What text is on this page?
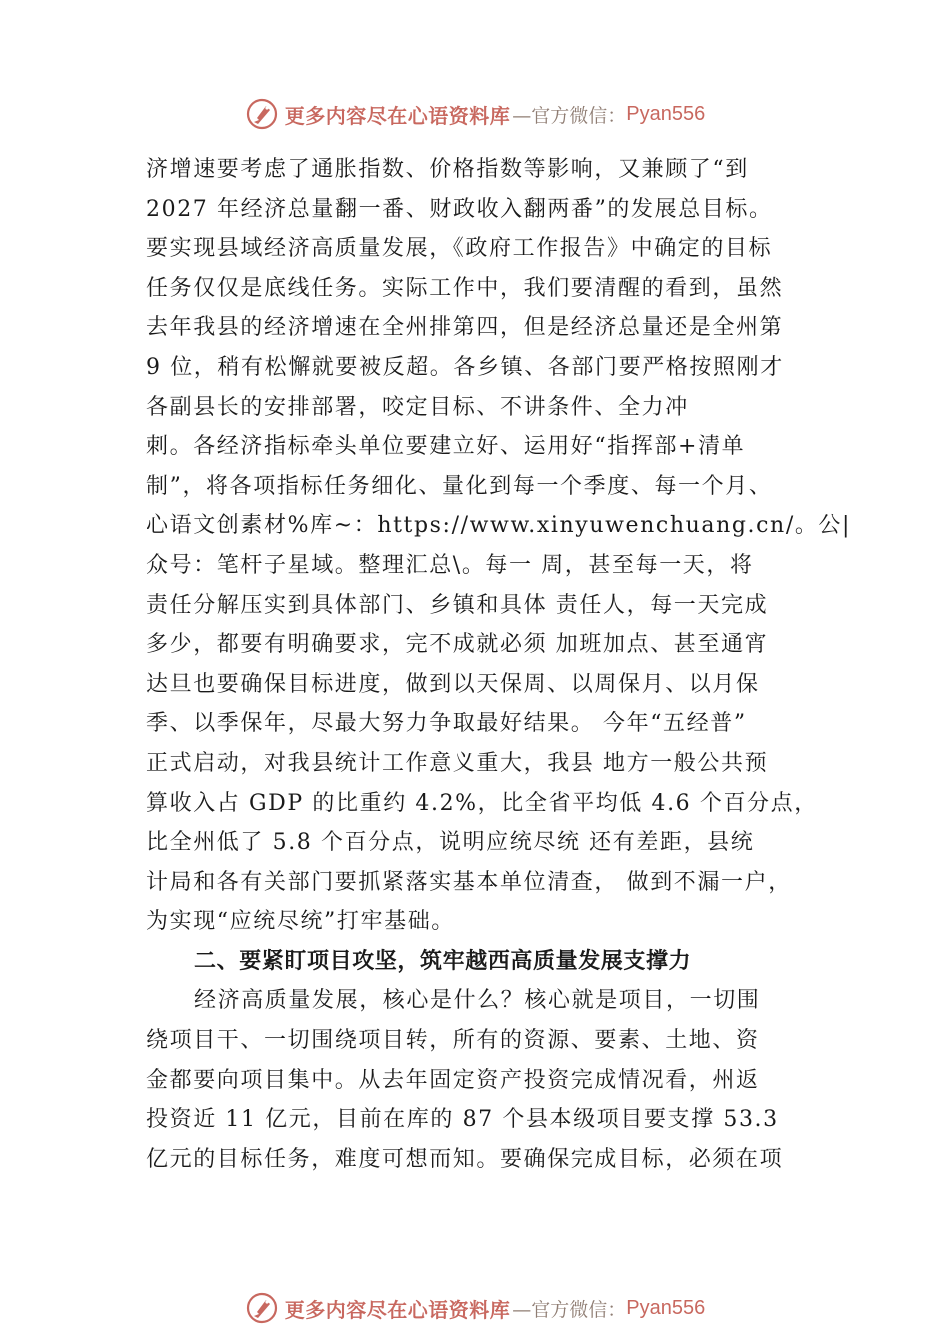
更多内容尽在心语资料库 —官方微信： Pyan556
济增速要考虑了通胀指数、价格指数等影响，又兼顾了“到
2027 年经济总量翻一番、财政收入翻两番”的发展总目标。
要实现县域经济高质量发展，《政府工作报告》中确定的目标
任务仅仅是底线任务。实际工作中，我们要清醒的看到，虽然
去年我县的经济增速在全州排第四，但是经济总量还是全州第
9 位，稍有松懈就要被反超。各乡镇、各部门要严格按照刚才
各副县长的安排部署，咬定目标、不讲条件、全力冲
刺。各经济指标牵头单位要建立好、运用好“指挥部+清单
制”，将各项指标任务细化、量化到每一个季度、每一个月、
心语文创素材%库~：https://www.xinyuwenchuang.cn/。公|
众号：笔杆子星域。整理汇总\。每一 周，甚至每一天，将
责任分解压实到具体部门、乡镇和具体 责任人，每一天完成
多少，都要有明确要求，完不成就必须 加班加点、甚至通宵
达旦也要确保目标进度，做到以天保周、以周保月、以月保
季、以季保年，尽最大努力争取最好结果。 今年“五经普”
正式启动，对我县统计工作意义重大，我县 地方一般公共预
算收入占 GDP 的比重约 4.2%，比全省平均低 4.6 个百分点，
比全州低了 5.8 个百分点，说明应统尽统 还有差距，县统
计局和各有关部门要抓紧落实基本单位清查， 做到不漏一户，
为实现“应统尽统”打牢基础。
二、要紧盯项目攻坚，筑牢越西高质量发展支撑力
经济高质量发展，核心是什么？核心就是项目，一切围
绕项目干、一切围绕项目转，所有的资源、要素、土地、资
金都要向项目集中。从去年固定资产投资完成情况看，州返
投资近 11 亿元，目前在库的 87 个县本级项目要支撑 53.3
亿元的目标任务，难度可想而知。要确保完成目标，必须在项
更多内容尽在心语资料库 —官方微信： Pyan556
